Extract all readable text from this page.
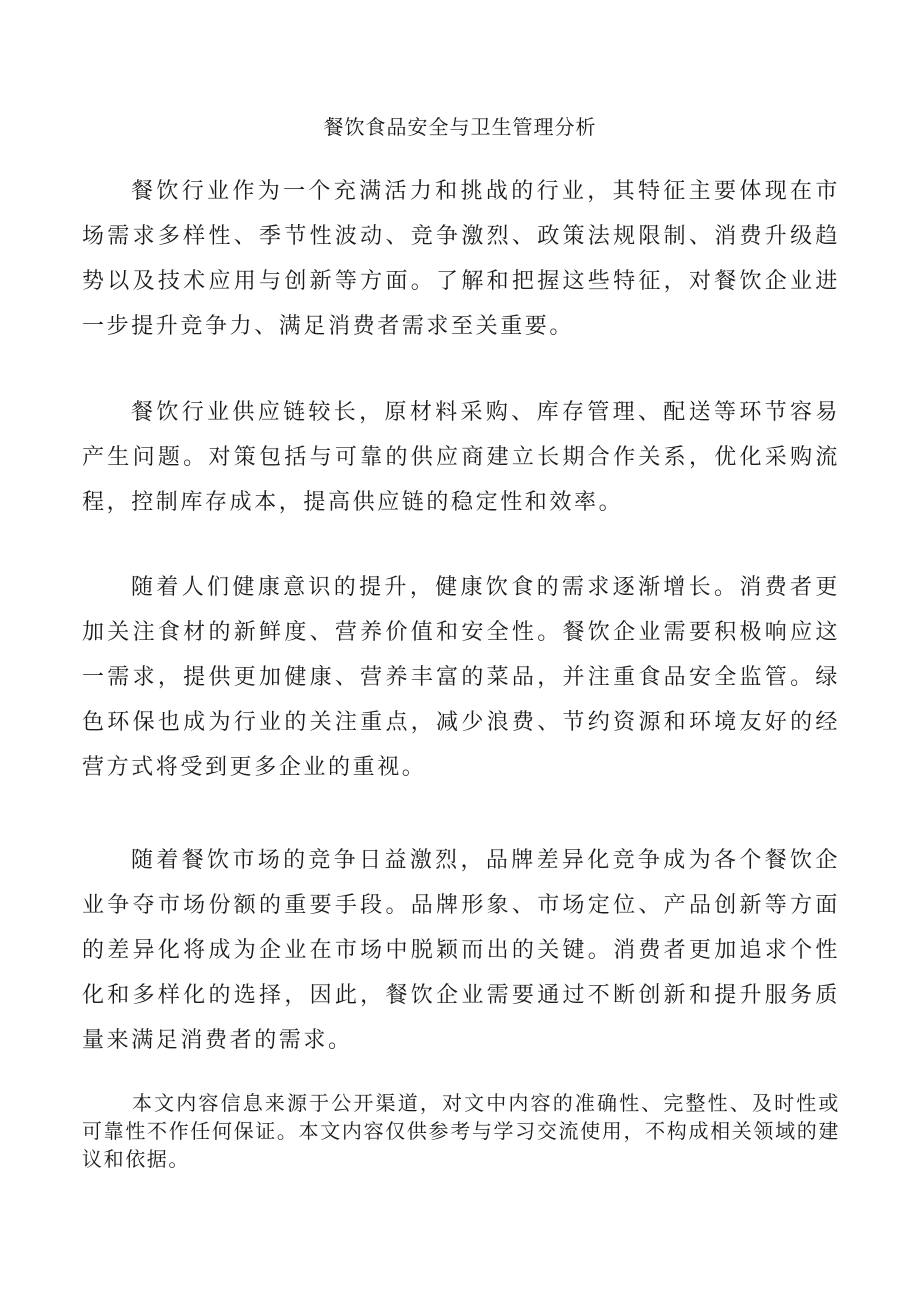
餐饮食品安全与卫生管理分析

餐饮行业作为一个充满活力和挑战的行业，其特征主要体现在市场需求多样性、季节性波动、竞争激烈、政策法规限制、消费升级趋势以及技术应用与创新等方面。了解和把握这些特征，对餐饮企业进一步提升竞争力、满足消费者需求至关重要。

餐饮行业供应链较长，原材料采购、库存管理、配送等环节容易产生问题。对策包括与可靠的供应商建立长期合作关系，优化采购流程，控制库存成本，提高供应链的稳定性和效率。

随着人们健康意识的提升，健康饮食的需求逐渐增长。消费者更加关注食材的新鲜度、营养价值和安全性。餐饮企业需要积极响应这一需求，提供更加健康、营养丰富的菜品，并注重食品安全监管。绿色环保也成为行业的关注重点，减少浪费、节约资源和环境友好的经营方式将受到更多企业的重视。

随着餐饮市场的竞争日益激烈，品牌差异化竞争成为各个餐饮企业争夺市场份额的重要手段。品牌形象、市场定位、产品创新等方面的差异化将成为企业在市场中脱颖而出的关键。消费者更加追求个性化和多样化的选择，因此，餐饮企业需要通过不断创新和提升服务质量来满足消费者的需求。

本文内容信息来源于公开渠道，对文中内容的准确性、完整性、及时性或可靠性不作任何保证。本文内容仅供参考与学习交流使用，不构成相关领域的建议和依据。
